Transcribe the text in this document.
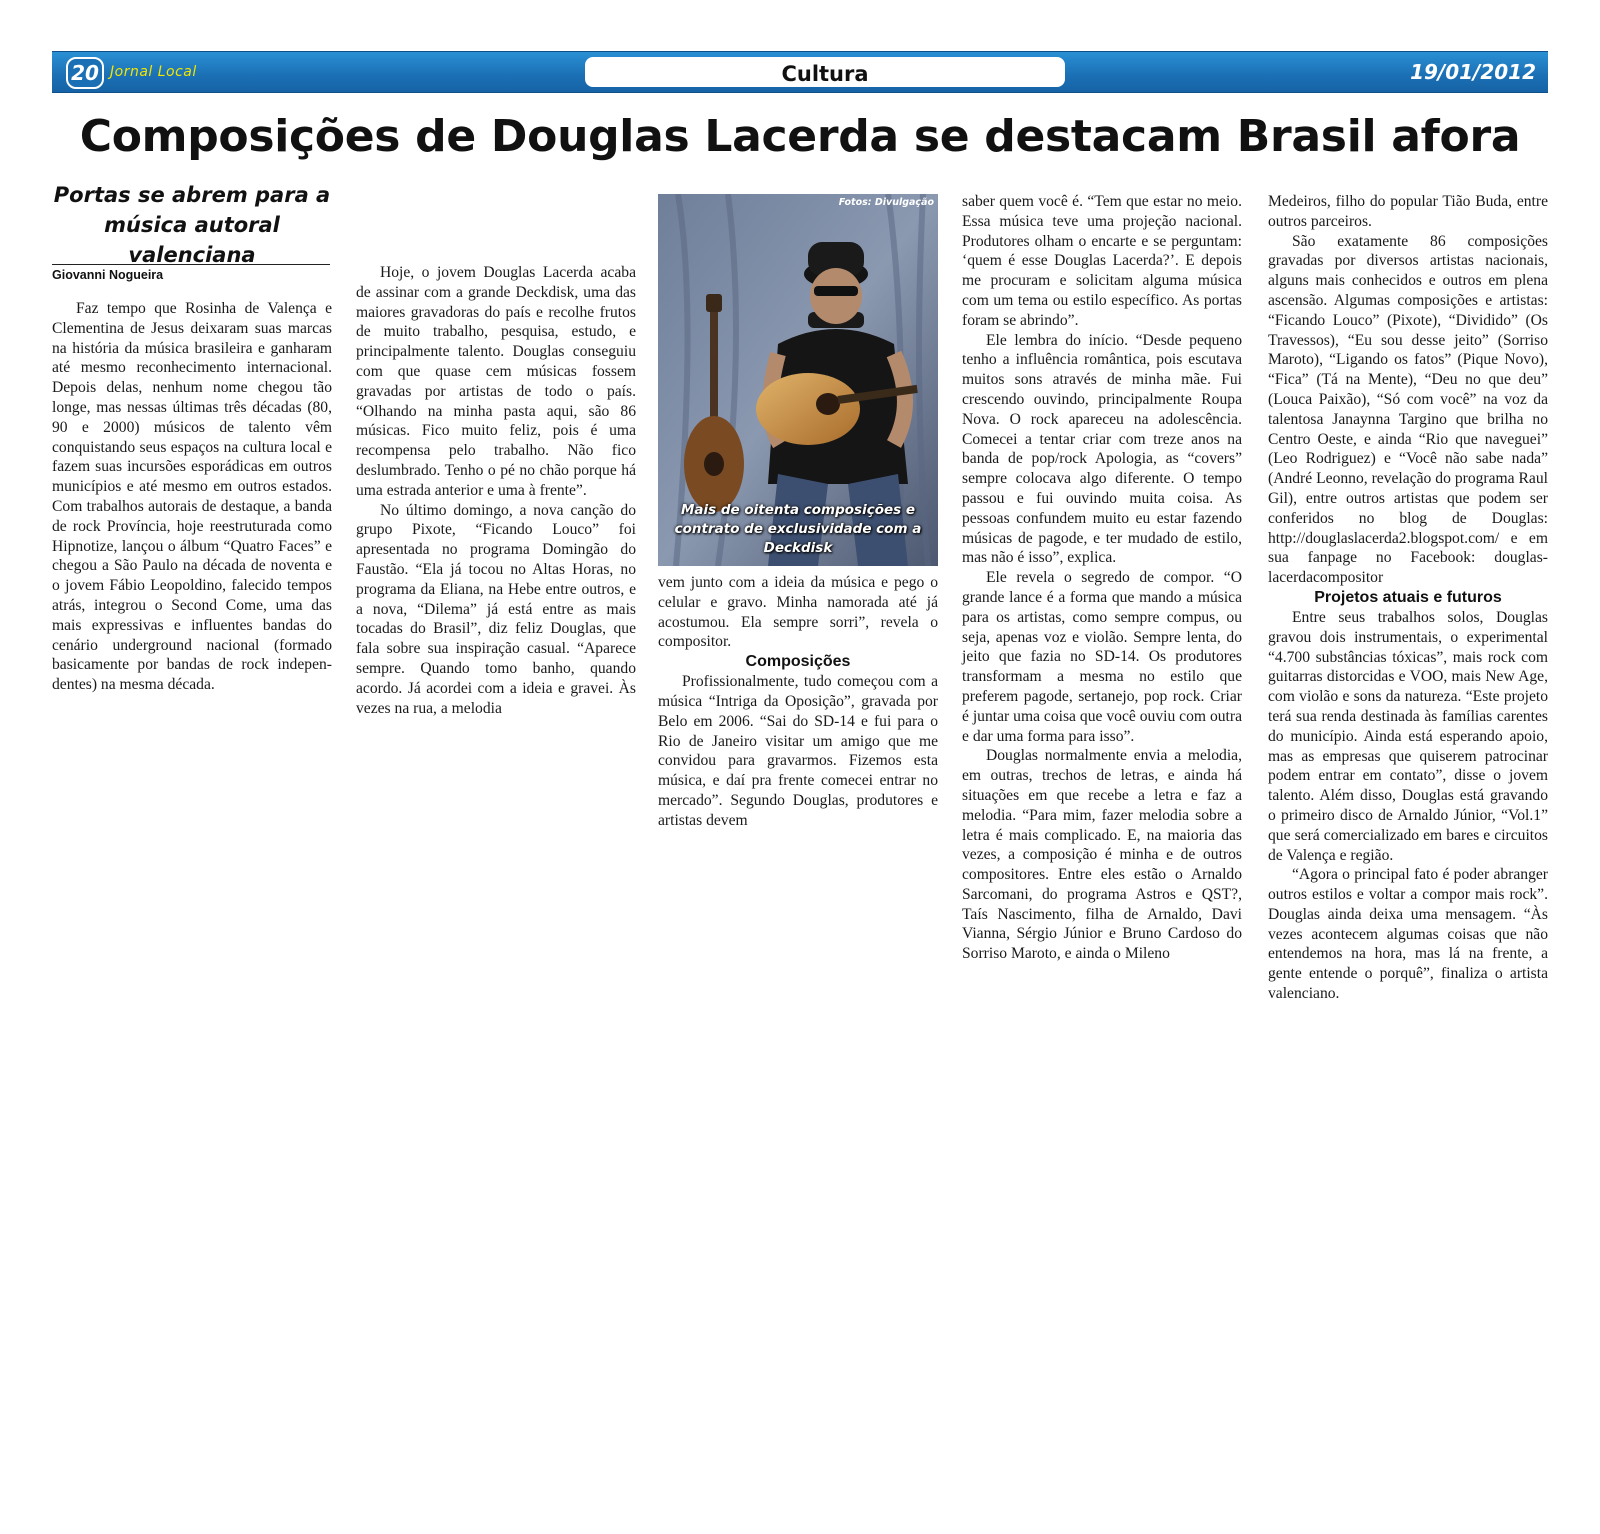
20 Jornal Local	Cultura	19/01/2012
Composições de Douglas Lacerda se destacam Brasil afora
Portas se abrem para a música autoral valenciana
Giovanni Nogueira

Faz tempo que Rosinha de Valença e Clementina de Jesus deixaram suas marcas na história da música brasileira e ganharam até mesmo reconhecimento internacional. Depois delas, nenhum nome chegou tão longe, mas nessas últimas três décadas (80, 90 e 2000) músicos de talento vêm conquistando seus espaços na cultura local e fazem suas incursões esporádicas em outros municípios e até mesmo em outros estados. Com trabalhos autorais de destaque, a banda de rock Província, hoje reestruturada como Hipnotize, lançou o álbum “Quatro Faces” e chegou a São Paulo na década de noventa e o jovem Fábio Leopoldino, falecido tempos atrás, integrou o Second Come, uma das mais expressivas e influentes bandas do cenário underground nacional (formado basicamente por bandas de rock independentes) na mesma década.

Hoje, o jovem Douglas Lacerda acaba de assinar com a grande Deckdisk, uma das maiores gravadoras do país e recolhe frutos de muito trabalho, pesquisa, estudo, e principalmente talento. Douglas conseguiu com que quase cem músicas fossem gravadas por artistas de todo o país. “Olhando na minha pasta aqui, são 86 músicas. Fico muito feliz, pois é uma recompensa pelo trabalho. Não fico deslumbrado. Tenho o pé no chão porque há uma estrada anterior e uma à frente”.

No último domingo, a nova canção do grupo Pixote, “Ficando Louco” foi apresentada no programa Domingão do Faustão. “Ela já tocou no Altas Horas, no programa da Eliana, na Hebe entre outros, e a nova, “Dilema” já está entre as mais tocadas do Brasil”, diz feliz Douglas, que fala sobre sua inspiração casual. “Aparece sempre. Quando tomo banho, quando acordo. Já acordei com a ideia e gravei. Às vezes na rua, a melodia

Fotos: Divulgação
Mais de oitenta composições e contrato de exclusividade com a Deckdisk

vem junto com a ideia da música e pego o celular e gravo. Minha namorada até já acostumou. Ela sempre sorri”, revela o compositor.

Composições

Profissionalmente, tudo começou com a música “Intriga da Oposição”, gravada por Belo em 2006. “Sai do SD-14 e fui para o Rio de Janeiro visitar um amigo que me convidou para gravarmos. Fizemos esta música, e daí pra frente comecei entrar no mercado”. Segundo Douglas, produtores e artistas devem

saber quem você é. “Tem que estar no meio. Essa música teve uma projeção nacional. Produtores olham o encarte e se perguntam: ‘quem é esse Douglas Lacerda?’. E depois me procuram e solicitam alguma música com um tema ou estilo específico. As portas foram se abrindo”.

Ele lembra do início. “Desde pequeno tenho a influência romântica, pois escutava muitos sons através de minha mãe. Fui crescendo ouvindo, principalmente Roupa Nova. O rock apareceu na adolescência. Comecei a tentar criar com treze anos na banda de pop/rock Apologia, as “covers” sempre colocava algo diferente. O tempo passou e fui ouvindo muita coisa. As pessoas confundem muito eu estar fazendo músicas de pagode, e ter mudado de estilo, mas não é isso”, explica.

Ele revela o segredo de compor. “O grande lance é a forma que mando a música para os artistas, como sempre compus, ou seja, apenas voz e violão. Sempre lenta, do jeito que fazia no SD-14. Os produtores transformam a mesma no estilo que preferem pagode, sertanejo, pop rock. Criar é juntar uma coisa que você ouviu com outra e dar uma forma para isso”.

Douglas normalmente envia a melodia, em outras, trechos de letras, e ainda há situações em que recebe a letra e faz a melodia. “Para mim, fazer melodia sobre a letra é mais complicado. E, na maioria das vezes, a composição é minha e de outros compositores. Entre eles estão o Arnaldo Sarcomani, do programa Astros e QST?, Taís Nascimento, filha de Arnaldo, Davi Vianna, Sérgio Júnior e Bruno Cardoso do Sorriso Maroto, e ainda o Mileno

Medeiros, filho do popular Tião Buda, entre outros parceiros.

São exatamente 86 composições gravadas por diversos artistas nacionais, alguns mais conhecidos e outros em plena ascensão. Algumas composições e artistas: “Ficando Louco” (Pixote), “Dividido” (Os Travessos), “Eu sou desse jeito” (Sorriso Maroto), “Ligando os fatos” (Pique Novo), “Fica” (Tá na Mente), “Deu no que deu” (Louca Paixão), “Só com você” na voz da talentosa Janaynna Targino que brilha no Centro Oeste, e ainda “Rio que naveguei” (Leo Rodriguez) e “Você não sabe nada” (André Leonno, revelação do programa Raul Gil), entre outros artistas que podem ser conferidos no blog de Douglas: http://douglaslacerda2.blogspot.com/ e em sua fanpage no Facebook: douglaslacerdacompositor

Projetos atuais e futuros

Entre seus trabalhos solos, Douglas gravou dois instrumentais, o experimental “4.700 substâncias tóxicas”, mais rock com guitarras distorcidas e VOO, mais New Age, com violão e sons da natureza. “Este projeto terá sua renda destinada às famílias carentes do município. Ainda está esperando apoio, mas as empresas que quiserem patrocinar podem entrar em contato”, disse o jovem talento. Além disso, Douglas está gravando o primeiro disco de Arnaldo Júnior, “Vol.1” que será comercializado em bares e circuitos de Valença e região.

“Agora o principal fato é poder abranger outros estilos e voltar a compor mais rock”. Douglas ainda deixa uma mensagem. “Às vezes acontecem algumas coisas que não entendemos na hora, mas lá na frente, a gente entende o porquê”, finaliza o artista valenciano.
